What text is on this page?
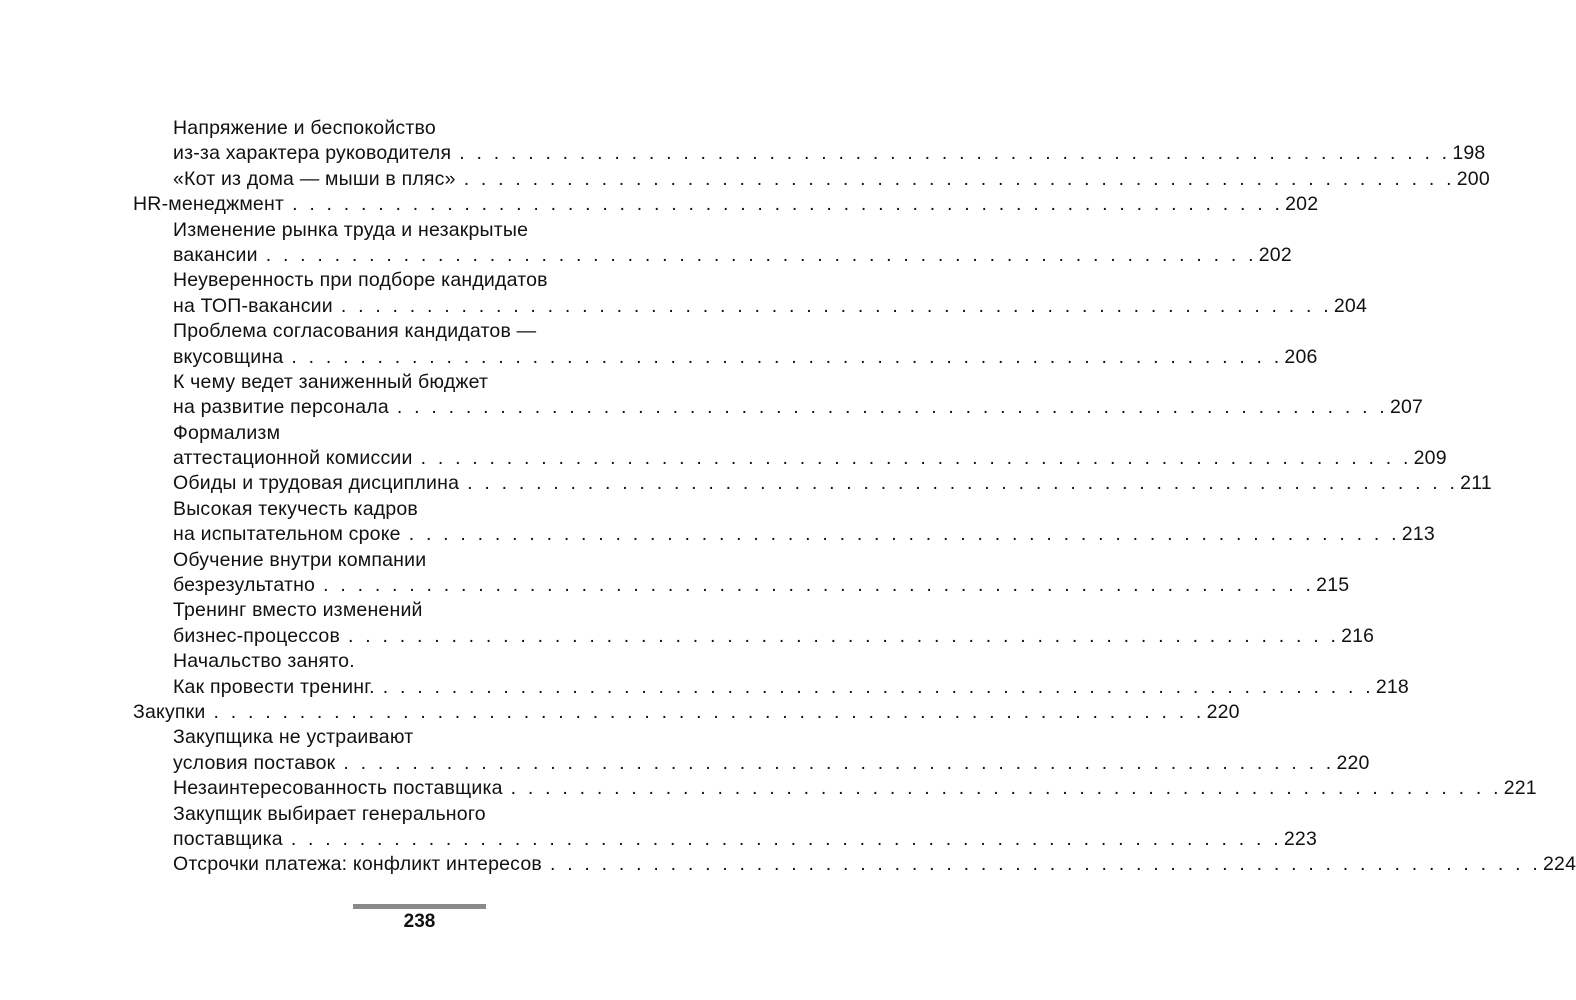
Напряжение и беспокойство
из-за характера руководителя . . . . . . . . . . . . . . . . . . . . . . . . . . . . . . . . . . . . . . . . . . . . . . . . . . . . . . . . . . 198
«Кот из дома — мыши в пляс» . . . . . . . . . . . . . . . . . . . . . . . . . . . . . . . . . . . . . . . . . . . . . . . . . . . . . . . . . . 200
HR-менеджмент . . . . . . . . . . . . . . . . . . . . . . . . . . . . . . . . . . . . . . . . . . . . . . . . . . . . . . . . . . 202
Изменение рынка труда и незакрытые
вакансии . . . . . . . . . . . . . . . . . . . . . . . . . . . . . . . . . . . . . . . . . . . . . . . . . . . . . . . . . . 202
Неуверенность при подборе кандидатов
на ТОП-вакансии . . . . . . . . . . . . . . . . . . . . . . . . . . . . . . . . . . . . . . . . . . . . . . . . . . . . . . . . . . 204
Проблема согласования кандидатов —
вкусовщина . . . . . . . . . . . . . . . . . . . . . . . . . . . . . . . . . . . . . . . . . . . . . . . . . . . . . . . . . . 206
К чему ведет заниженный бюджет
на развитие персонала . . . . . . . . . . . . . . . . . . . . . . . . . . . . . . . . . . . . . . . . . . . . . . . . . . . . . . . . . . 207
Формализм
аттестационной комиссии . . . . . . . . . . . . . . . . . . . . . . . . . . . . . . . . . . . . . . . . . . . . . . . . . . . . . . . . . . 209
Обиды и трудовая дисциплина . . . . . . . . . . . . . . . . . . . . . . . . . . . . . . . . . . . . . . . . . . . . . . . . . . . . . . . . . . 211
Высокая текучесть кадров
на испытательном сроке . . . . . . . . . . . . . . . . . . . . . . . . . . . . . . . . . . . . . . . . . . . . . . . . . . . . . . . . . . 213
Обучение внутри компании
безрезультатно . . . . . . . . . . . . . . . . . . . . . . . . . . . . . . . . . . . . . . . . . . . . . . . . . . . . . . . . . . 215
Тренинг вместо изменений
бизнес-процессов . . . . . . . . . . . . . . . . . . . . . . . . . . . . . . . . . . . . . . . . . . . . . . . . . . . . . . . . . . 216
Начальство занято.
Как провести тренинг. . . . . . . . . . . . . . . . . . . . . . . . . . . . . . . . . . . . . . . . . . . . . . . . . . . . . . . . . . . 218
Закупки . . . . . . . . . . . . . . . . . . . . . . . . . . . . . . . . . . . . . . . . . . . . . . . . . . . . . . . . . . 220
Закупщика не устраивают
условия поставок . . . . . . . . . . . . . . . . . . . . . . . . . . . . . . . . . . . . . . . . . . . . . . . . . . . . . . . . . . 220
Незаинтересованность поставщика . . . . . . . . . . . . . . . . . . . . . . . . . . . . . . . . . . . . . . . . . . . . . . . . . . . . . . . . . . 221
Закупщик выбирает генерального
поставщика . . . . . . . . . . . . . . . . . . . . . . . . . . . . . . . . . . . . . . . . . . . . . . . . . . . . . . . . . . 223
Отсрочки платежа: конфликт интересов . . . . . . . . . . . . . . . . . . . . . . . . . . . . . . . . . . . . . . . . . . . . . . . . . . . . . . . . . . 224
238
